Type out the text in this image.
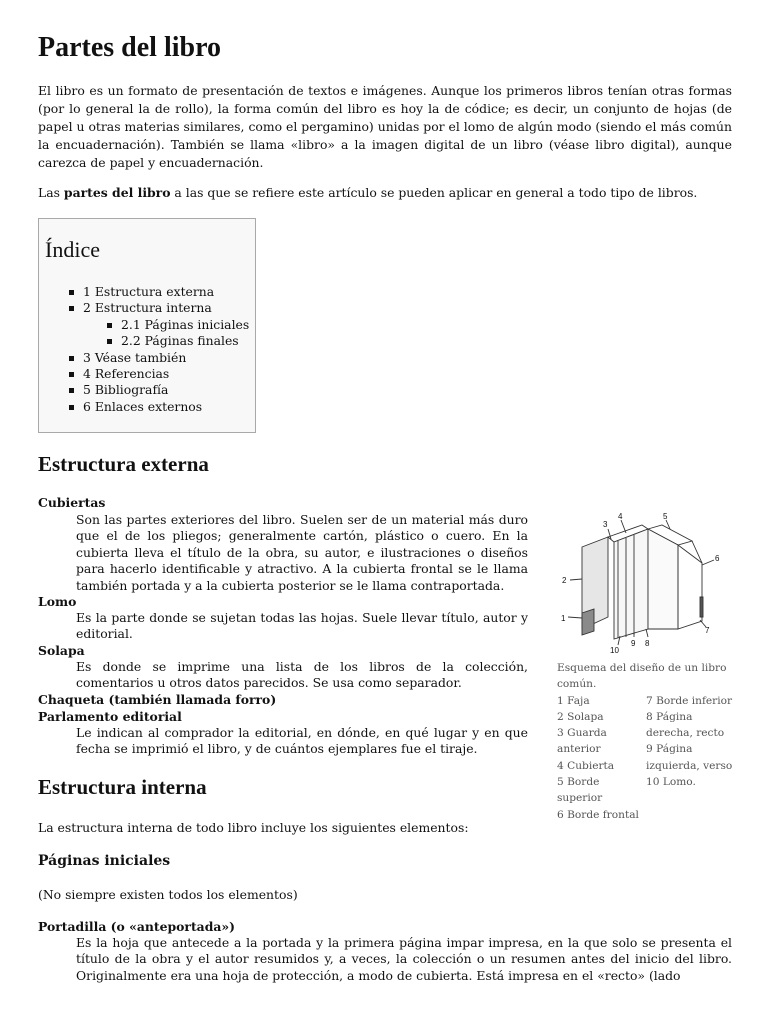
Partes del libro

El libro es un formato de presentación de textos e imágenes. Aunque los primeros libros tenían otras formas (por lo general la de rollo), la forma común del libro es hoy la de códice; es decir, un conjunto de hojas (de papel u otras materias similares, como el pergamino) unidas por el lomo de algún modo (siendo el más común la encuadernación). También se llama «libro» a la imagen digital de un libro (véase libro digital), aunque carezca de papel y encuadernación.

Las partes del libro a las que se refiere este artículo se pueden aplicar en general a todo tipo de libros.

Índice

1 Estructura externa
2 Estructura interna
2.1 Páginas iniciales
2.2 Páginas finales
3 Véase también
4 Referencias
5 Bibliografía
6 Enlaces externos
Estructura externa

Cubiertas

Son las partes exteriores del libro. Suelen ser de un material más duro que el de los pliegos; generalmente cartón, plástico o cuero. En la cubierta lleva el título de la obra, su autor, e ilustraciones o diseños para hacerlo identificable y atractivo. A la cubierta frontal se le llama también portada y a la cubierta posterior se le llama contraportada.

Lomo

Es la parte donde se sujetan todas las hojas. Suele llevar título, autor y editorial.

Solapa

Es donde se imprime una lista de los libros de la colección, comentarios u otros datos parecidos. Se usa como separador.

Chaqueta (también llamada forro)

Parlamento editorial

Le indican al comprador la editorial, en dónde, en qué lugar y en que fecha se imprimió el libro, y de cuántos ejemplares fue el tiraje.

1
2
3
4	5
6
7
8
9
10
Esquema del diseño de un libro común.
1 Faja
2 Solapa
3 Guarda anterior
4 Cubierta
5 Borde superior
6 Borde frontal
7 Borde inferior
8 Página derecha, recto
9 Página izquierda, verso
10 Lomo.
Estructura interna

La estructura interna de todo libro incluye los siguientes elementos:

Páginas iniciales

(No siempre existen todos los elementos)

Portadilla (o «anteportada»)

Es la hoja que antecede a la portada y la primera página impar impresa, en la que solo se presenta el título de la obra y el autor resumidos y, a veces, la colección o un resumen antes del inicio del libro. Originalmente era una hoja de protección, a modo de cubierta. Está impresa en el «recto» (lado
